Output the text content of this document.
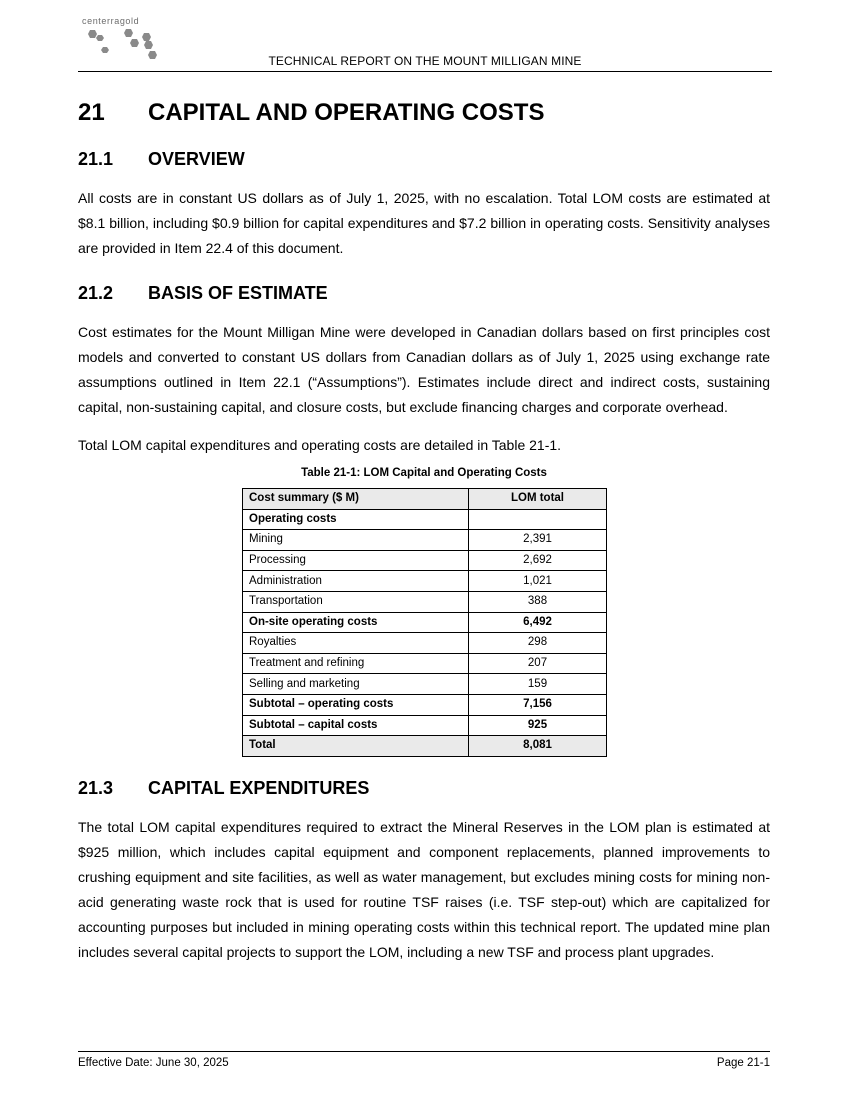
centerragold
TECHNICAL REPORT ON THE MOUNT MILLIGAN MINE
21 CAPITAL AND OPERATING COSTS
21.1 OVERVIEW

All costs are in constant US dollars as of July 1, 2025, with no escalation. Total LOM costs are estimated at $8.1 billion, including $0.9 billion for capital expenditures and $7.2 billion in operating costs. Sensitivity analyses are provided in Item 22.4 of this document.

21.2 BASIS OF ESTIMATE

Cost estimates for the Mount Milligan Mine were developed in Canadian dollars based on first principles cost models and converted to constant US dollars from Canadian dollars as of July 1, 2025 using exchange rate assumptions outlined in Item 22.1 (“Assumptions”). Estimates include direct and indirect costs, sustaining capital, non-sustaining capital, and closure costs, but exclude financing charges and corporate overhead.

Total LOM capital expenditures and operating costs are detailed in Table 21-1.

Table 21-1: LOM Capital and Operating Costs

Cost summary ($ M)	LOM total
Operating costs	
Mining	2,391
Processing	2,692
Administration	1,021
Transportation	388
On-site operating costs	6,492
Royalties	298
Treatment and refining	207
Selling and marketing	159
Subtotal – operating costs	7,156
Subtotal – capital costs	925
Total	8,081
21.3 CAPITAL EXPENDITURES

The total LOM capital expenditures required to extract the Mineral Reserves in the LOM plan is estimated at $925 million, which includes capital equipment and component replacements, planned improvements to crushing equipment and site facilities, as well as water management, but excludes mining costs for mining non-acid generating waste rock that is used for routine TSF raises (i.e. TSF step-out) which are capitalized for accounting purposes but included in mining operating costs within this technical report. The updated mine plan includes several capital projects to support the LOM, including a new TSF and process plant upgrades.

Effective Date: June 30, 2025	Page 21-1
